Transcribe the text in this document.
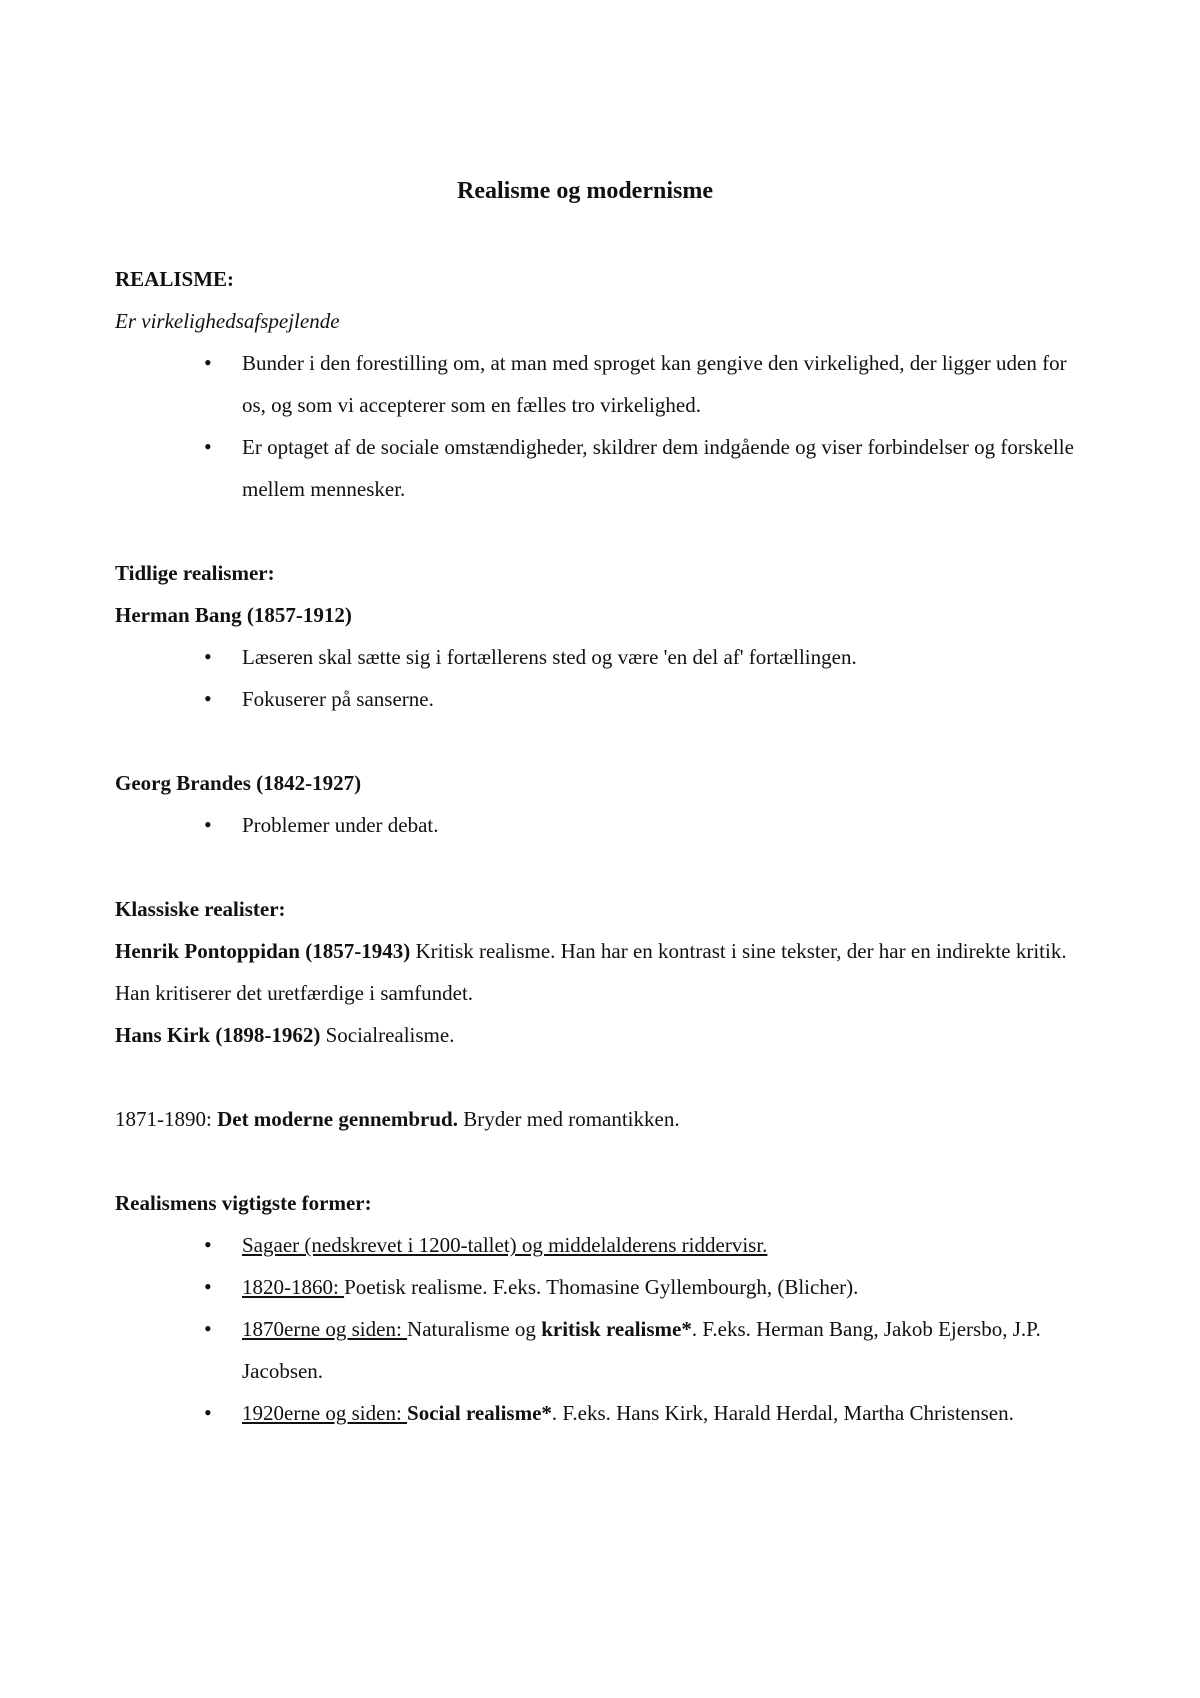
Realisme og modernisme

REALISME:

Er virkelighedsafspejlende

• Bunder i den forestilling om, at man med sproget kan gengive den virkelighed, der ligger uden for os, og som vi accepterer som en fælles tro virkelighed.
• Er optaget af de sociale omstændigheder, skildrer dem indgående og viser forbindelser og forskelle mellem mennesker.

Tidlige realismer:

Herman Bang (1857-1912)

• Læseren skal sætte sig i fortællerens sted og være 'en del af' fortællingen.
• Fokuserer på sanserne.

Georg Brandes (1842-1927)

• Problemer under debat.

Klassiske realister:

Henrik Pontoppidan (1857-1943) Kritisk realisme. Han har en kontrast i sine tekster, der har en indirekte kritik. Han kritiserer det uretfærdige i samfundet.

Hans Kirk (1898-1962) Socialrealisme.

1871-1890: Det moderne gennembrud. Bryder med romantikken.

Realismens vigtigste former:

• Sagaer (nedskrevet i 1200-tallet) og middelalderens riddervisr.
• 1820-1860: Poetisk realisme. F.eks. Thomasine Gyllembourgh, (Blicher).
• 1870erne og siden: Naturalisme og kritisk realisme*. F.eks. Herman Bang, Jakob Ejersbo, J.P. Jacobsen.
• 1920erne og siden: Social realisme*. F.eks. Hans Kirk, Harald Herdal, Martha Christensen.
